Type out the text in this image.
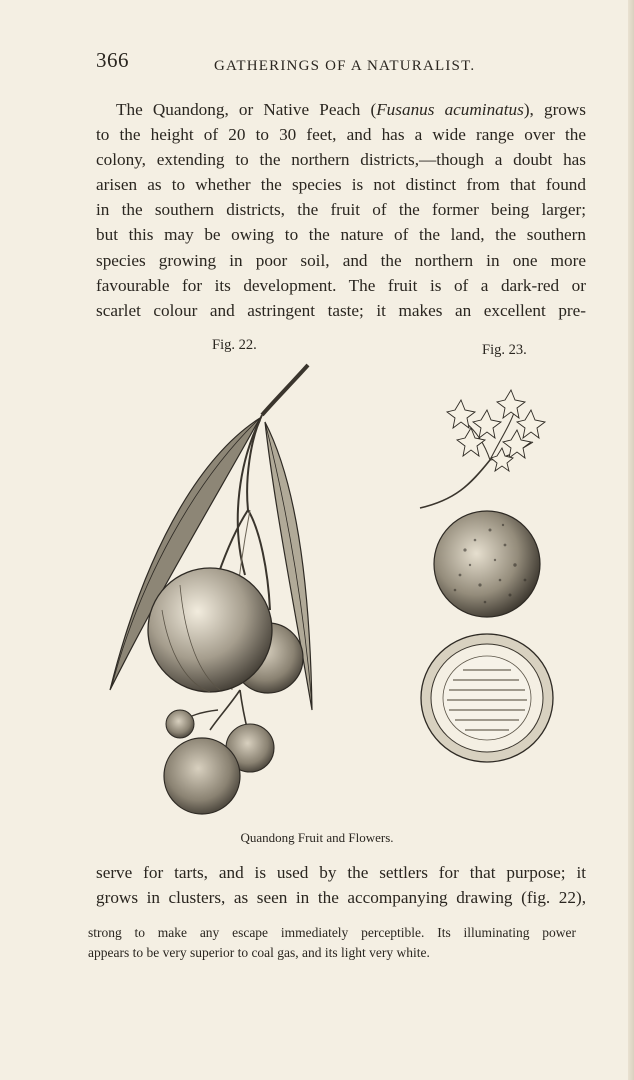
366	GATHERINGS OF A NATURALIST.
The Quandong, or Native Peach (Fusanus acuminatus), grows
to the height of 20 to 30 feet, and has a wide range over the
colony, extending to the northern districts,—though a doubt has
arisen as to whether the species is not distinct from that found
in the southern districts, the fruit of the former being larger;
but this may be owing to the nature of the land, the southern
species growing in poor soil, and the northern in one more
favourable for its development. The fruit is of a dark-red or
scarlet colour and astringent taste; it makes an excellent pre-
Fig. 22.	Fig. 23.
Quandong Fruit and Flowers.
serve for tarts, and is used by the settlers for that purpose; it
grows in clusters, as seen in the accompanying drawing (fig. 22),
strong to make any escape immediately perceptible. Its illuminating power
appears to be very superior to coal gas, and its light very white.
